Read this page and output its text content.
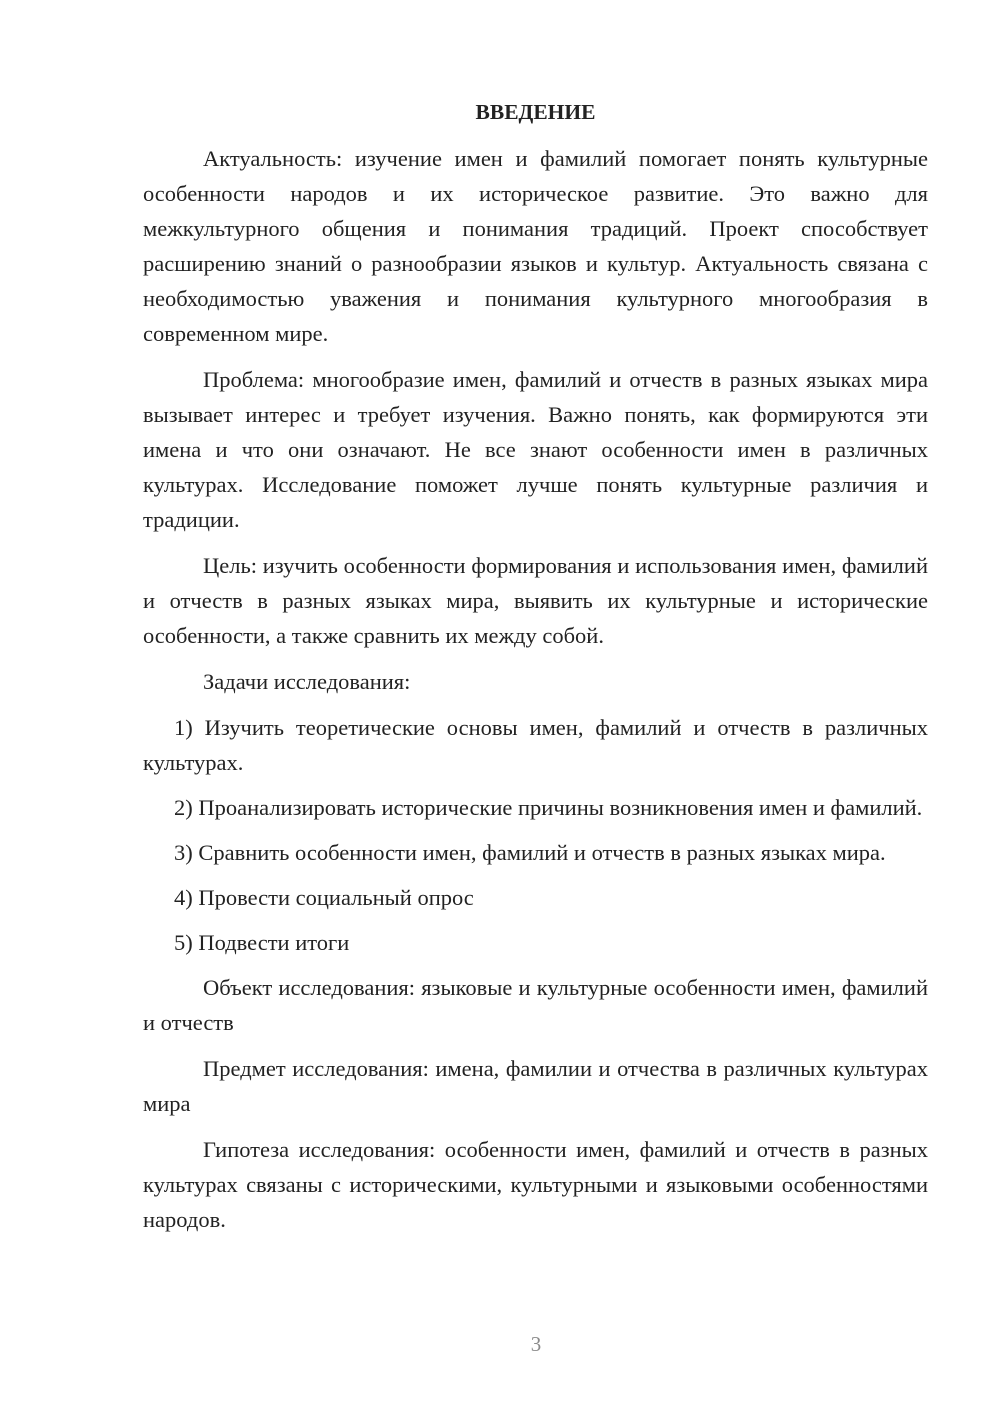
ВВЕДЕНИЕ

Актуальность: изучение имен и фамилий помогает понять культурные особенности народов и их историческое развитие. Это важно для межкультурного общения и понимания традиций. Проект способствует расширению знаний о разнообразии языков и культур. Актуальность связана с необходимостью уважения и понимания культурного многообразия в современном мире.

Проблема: многообразие имен, фамилий и отчеств в разных языках мира вызывает интерес и требует изучения. Важно понять, как формируются эти имена и что они означают. Не все знают особенности имен в различных культурах. Исследование поможет лучше понять культурные различия и традиции.

Цель: изучить особенности формирования и использования имен, фамилий и отчеств в разных языках мира, выявить их культурные и исторические особенности, а также сравнить их между собой.

Задачи исследования:

1) Изучить теоретические основы имен, фамилий и отчеств в различных культурах.

2) Проанализировать исторические причины возникновения имен и фамилий.

3) Сравнить особенности имен, фамилий и отчеств в разных языках мира.

4) Провести социальный опрос

5) Подвести итоги

Объект исследования: языковые и культурные особенности имен, фамилий и отчеств

Предмет исследования: имена, фамилии и отчества в различных культурах мира

Гипотеза исследования: особенности имен, фамилий и отчеств в разных культурах связаны с историческими, культурными и языковыми особенностями народов.

3
